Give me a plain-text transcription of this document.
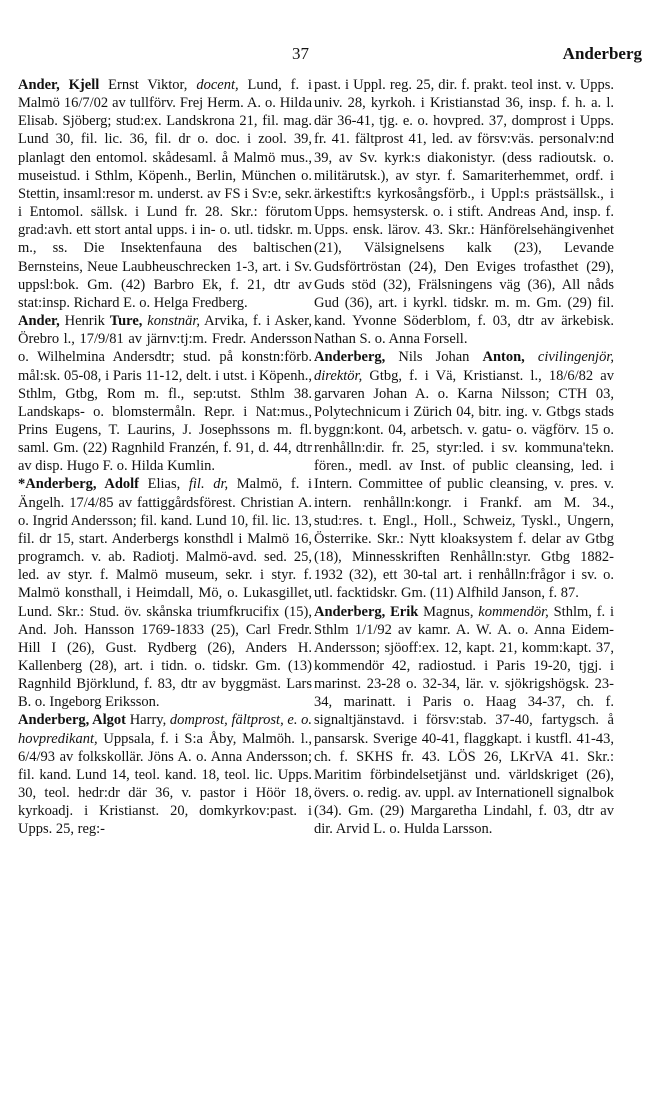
37	Anderberg

Ander, Kjell Ernst Viktor, docent, Lund, f. i Malmö 16/7/02 av tullförv. Frej Herm. A. o. Hilda Elisab. Sjöberg; stud:ex. Landskrona 21, fil. mag. Lund 30, fil. lic. 36, fil. dr o. doc. i zool. 39, planlagt den entomol. skådesaml. å Malmö mus., museistud. i Sthlm, Köpenh., Berlin, München o. Stettin, insaml:resor m. underst. av FS i Sv:e, sekr. i Entomol. sällsk. i Lund fr. 28. Skr.: förutom grad:avh. ett stort antal upps. i in- o. utl. tidskr. m. m., ss. Die Insektenfauna des baltischen Bernsteins, Neue Laubheuschrecken 1-3, art. i Sv. uppsl:bok. Gm. (42) Barbro Ek, f. 21, dtr av stat:insp. Richard E. o. Helga Fredberg.

Ander, Henrik Ture, konstnär, Arvika, f. i Asker, Örebro l., 17/9/81 av järnv:tj:m. Fredr. Andersson o. Wilhelmina Andersdtr; stud. på konstn:förb. mål:sk. 05-08, i Paris 11-12, delt. i utst. i Köpenh., Sthlm, Gtbg, Rom m. fl., sep:utst. Sthlm 38. Landskaps- o. blomstermåln. Repr. i Nat:mus., Prins Eugens, T. Laurins, J. Josephssons m. fl. saml. Gm. (22) Ragnhild Franzén, f. 91, d. 44, dtr av disp. Hugo F. o. Hilda Kumlin.

*Anderberg, Adolf Elias, fil. dr, Malmö, f. i Ängelh. 17/4/85 av fattiggårdsförest. Christian A. o. Ingrid Andersson; fil. kand. Lund 10, fil. lic. 13, fil. dr 15, start. Anderbergs konsthdl i Malmö 16, programch. v. ab. Radiotj. Malmö-avd. sed. 25, led. av styr. f. Malmö museum, sekr. i styr. f. Malmö konsthall, i Heimdall, Mö, o. Lukasgillet, Lund. Skr.: Stud. öv. skånska triumfkrucifix (15), And. Joh. Hansson 1769-1833 (25), Carl Fredr. Hill I (26), Gust. Rydberg (26), Anders H. Kallenberg (28), art. i tidn. o. tidskr. Gm. (13) Ragnhild Björklund, f. 83, dtr av byggmäst. Lars B. o. Ingeborg Eriksson.

Anderberg, Algot Harry, domprost, fältprost, e. o. hovpredikant, Uppsala, f. i S:a Åby, Malmöh. l., 6/4/93 av folkskollär. Jöns A. o. Anna Andersson; fil. kand. Lund 14, teol. kand. 18, teol. lic. Upps. 30, teol. hedr:dr där 36, v. pastor i Höör 18, kyrkoadj. i Kristianst. 20, domkyrkov:past. i Upps. 25, reg:-

past. i Uppl. reg. 25, dir. f. prakt. teol inst. v. Upps. univ. 28, kyrkoh. i Kristianstad 36, insp. f. h. a. l. där 36-41, tjg. e. o. hovpred. 37, domprost i Upps. fr. 41. fältprost 41, led. av försv:väs. personalv:nd 39, av Sv. kyrk:s diakonistyr. (dess radioutsk. o. militärutsk.), av styr. f. Samariterhemmet, ordf. i ärkestift:s kyrkosångsförb., i Uppl:s prästsällsk., i Upps. hemsystersk. o. i stift. Andreas And, insp. f. Upps. ensk. lärov. 43. Skr.: Hänförelsehängivenhet (21), Välsignelsens kalk (23), Levande Gudsförtröstan (24), Den Eviges trofasthet (29), Guds stöd (32), Frälsningens väg (36), All nåds Gud (36), art. i kyrkl. tidskr. m. m. Gm. (29) fil. kand. Yvonne Söderblom, f. 03, dtr av ärkebisk. Nathan S. o. Anna Forsell.

Anderberg, Nils Johan Anton, civilingenjör, direktör, Gtbg, f. i Vä, Kristianst. l., 18/6/82 av garvaren Johan A. o. Karna Nilsson; CTH 03, Polytechnicum i Zürich 04, bitr. ing. v. Gtbgs stads byggn:kont. 04, arbetsch. v. gatu- o. vägförv. 15 o. renhålln:dir. fr. 25, styr:led. i sv. kommuna'tekn. fören., medl. av Inst. of public cleansing, led. i Intern. Committee of public cleansing, v. pres. v. intern. renhålln:kongr. i Frankf. am M. 34., stud:res. t. Engl., Holl., Schweiz, Tyskl., Ungern, Österrike. Skr.: Nytt kloaksystem f. delar av Gtbg (18), Minnesskriften Renhålln:styr. Gtbg 1882-1932 (32), ett 30-tal art. i renhålln:frågor i sv. o. utl. facktidskr. Gm. (11) Alfhild Janson, f. 87.

Anderberg, Erik Magnus, kommendör, Sthlm, f. i Sthlm 1/1/92 av kamr. A. W. A. o. Anna Eidem-Andersson; sjöoff:ex. 12, kapt. 21, komm:kapt. 37, kommendör 42, radiostud. i Paris 19-20, tjgj. i marinst. 23-28 o. 32-34, lär. v. sjökrigshögsk. 23-34, marinatt. i Paris o. Haag 34-37, ch. f. signaltjänstavd. i försv:stab. 37-40, fartygsch. å pansarsk. Sverige 40-41, flaggkapt. i kustfl. 41-43, ch. f. SKHS fr. 43. LÖS 26, LKrVA 41. Skr.: Maritim förbindelsetjänst und. världskriget (26), övers. o. redig. av. uppl. av Internationell signalbok (34). Gm. (29) Margaretha Lindahl, f. 03, dtr av dir. Arvid L. o. Hulda Larsson.
